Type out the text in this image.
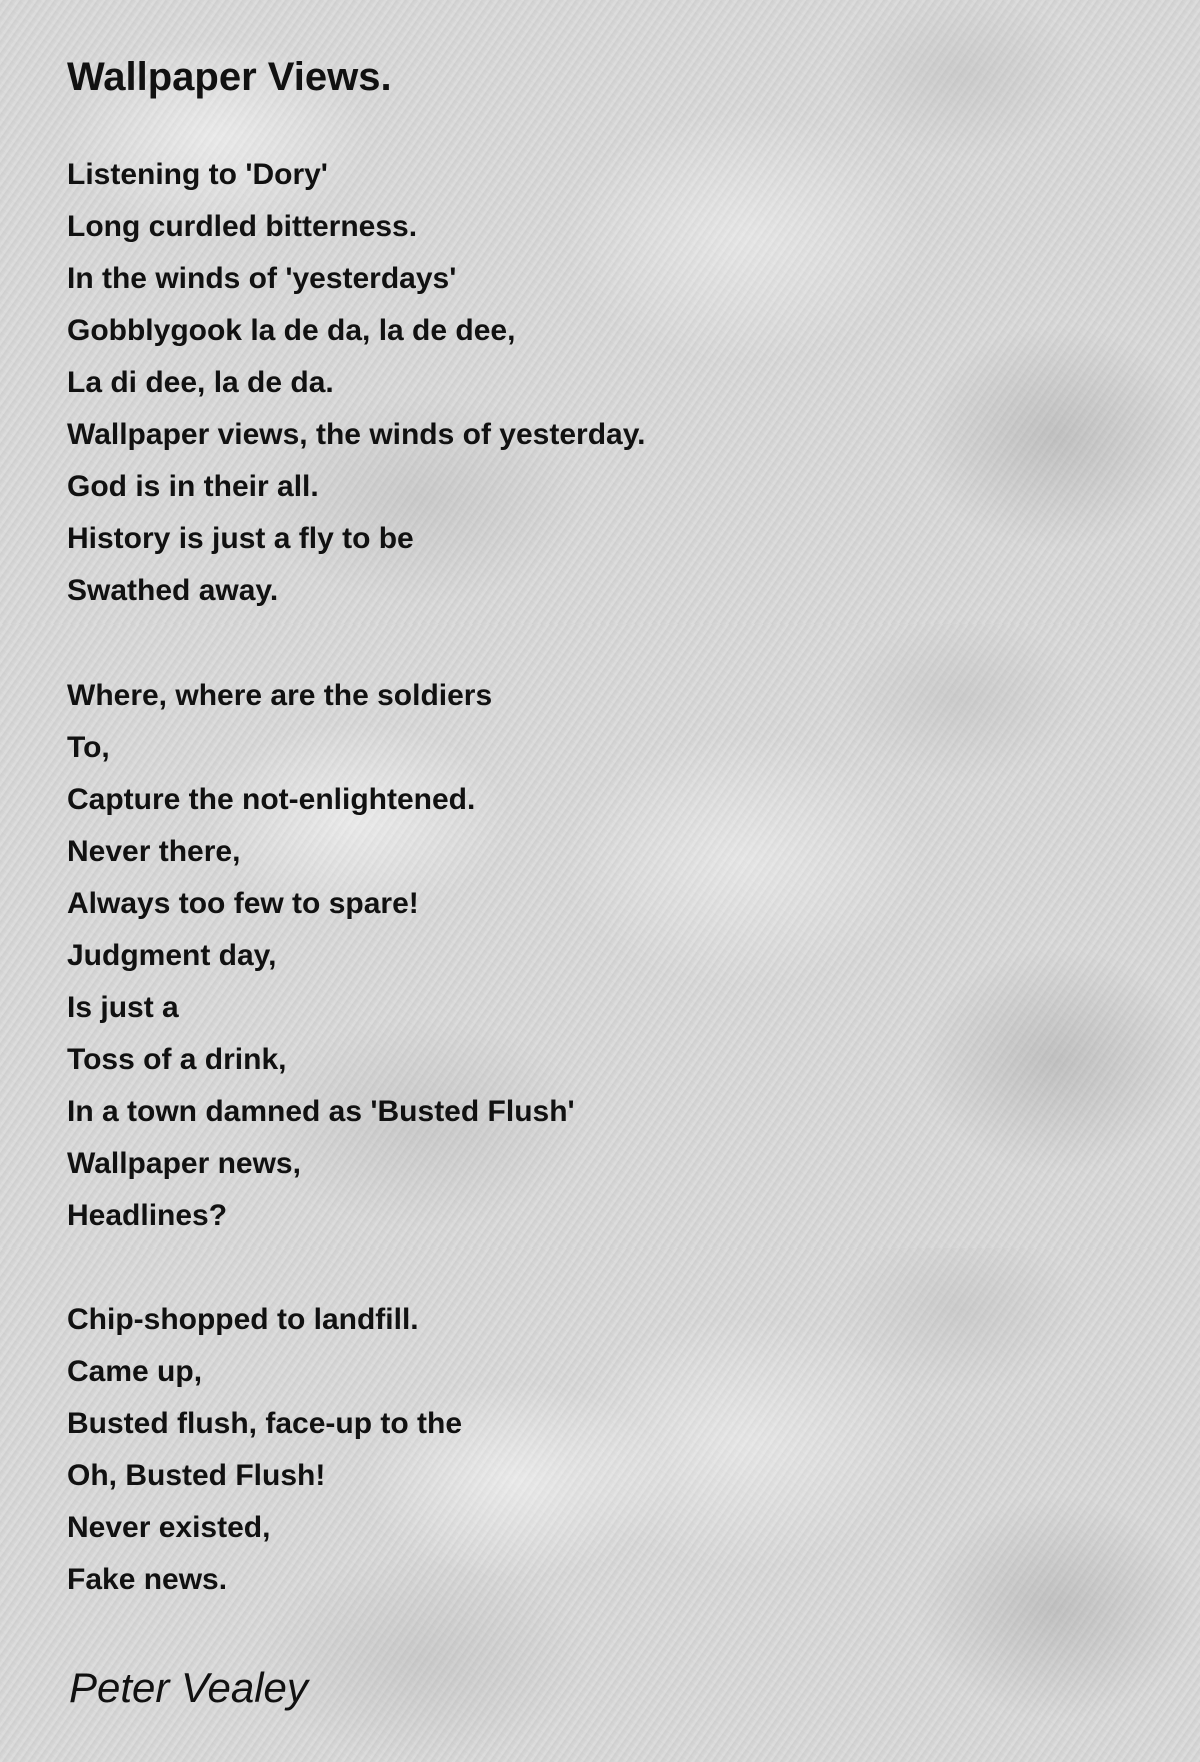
Wallpaper Views.
Listening to 'Dory'
Long curdled bitterness.
In the winds of 'yesterdays'
Gobblygook la de da, la de dee,
La di dee, la de da.
Wallpaper views, the winds of yesterday.
God is in their all.
History is just a fly to be
Swathed away.
Where, where are the soldiers
To,
Capture the not-enlightened.
Never there,
Always too few to spare!
Judgment day,
Is just a
Toss of a drink,
In a town damned as 'Busted Flush'
Wallpaper news,
Headlines?
Chip-shopped to landfill.
Came up,
Busted flush, face-up to the
Oh, Busted Flush!
Never existed,
Fake news.

Peter Vealey
